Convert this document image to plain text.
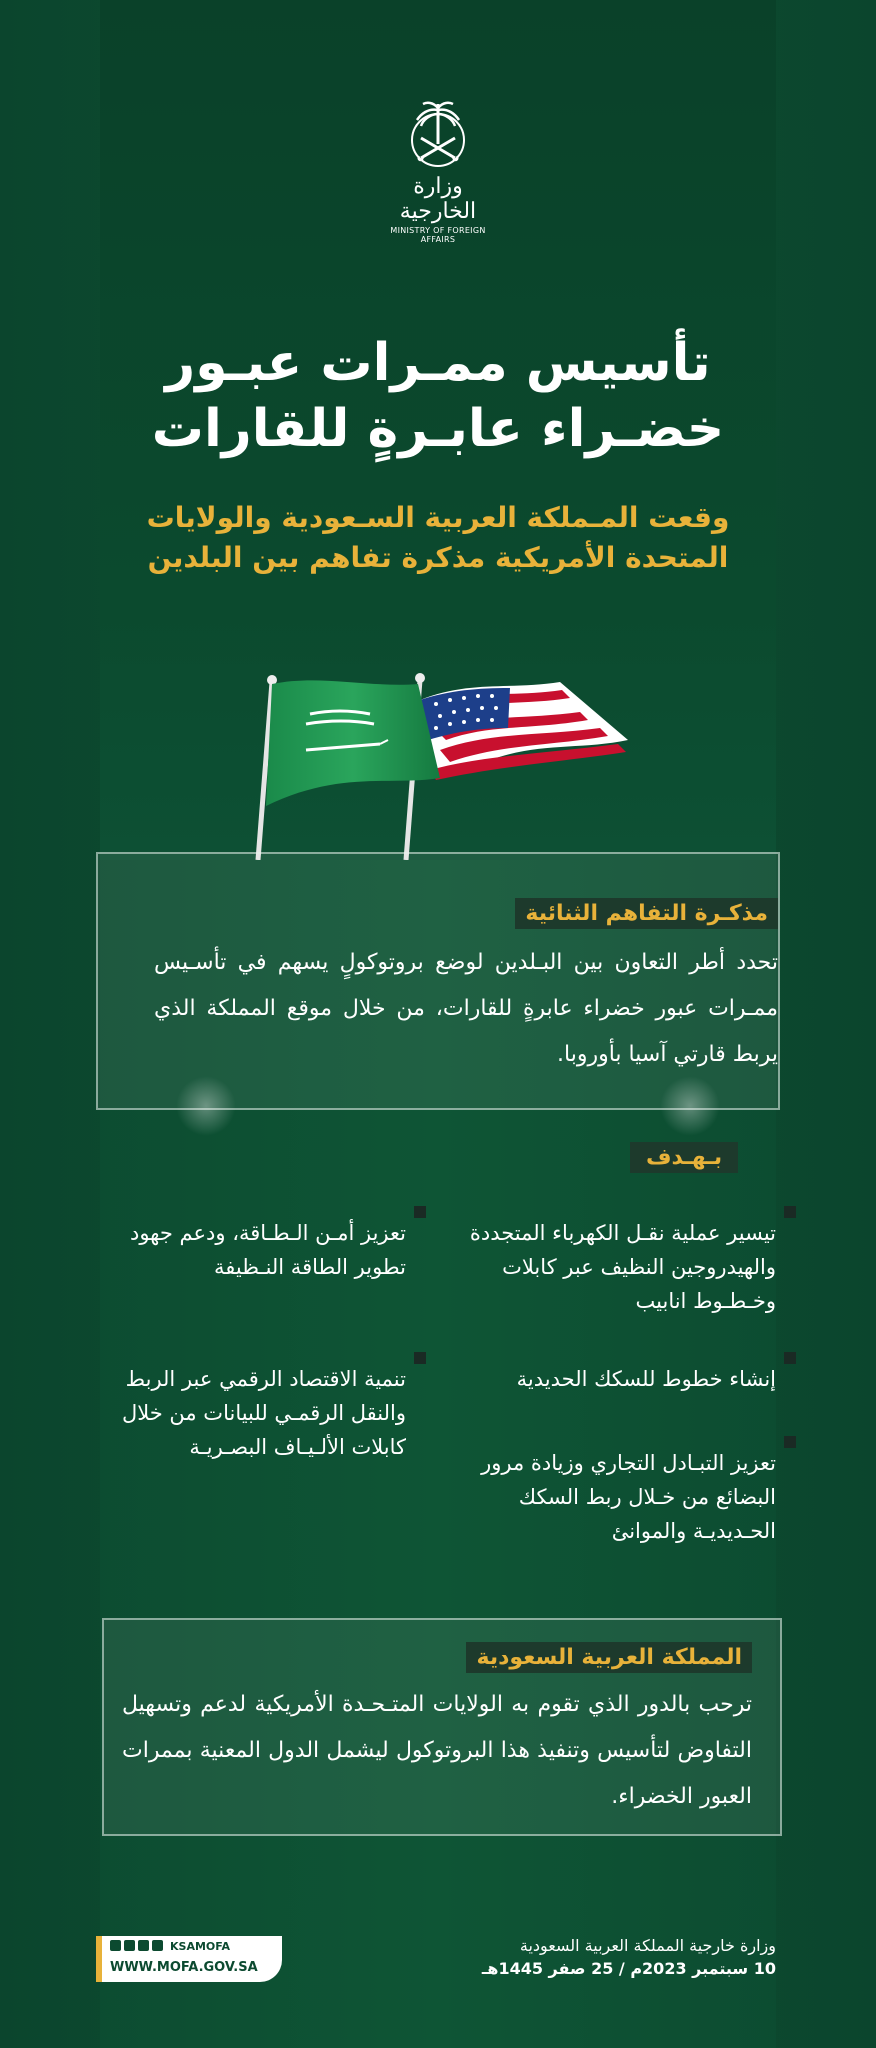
وزارة الخارجية
MINISTRY OF FOREIGN AFFAIRS
تأسيس ممـرات عبـور
خضـراء عابـرةٍ للقارات
وقعت المـملكة العربية السـعودية والولايات
المتحدة الأمريكية مذكرة تفاهم بين البلدين
مذكـرة التفاهم الثنائية
تحدد أطر التعاون بين البـلدين لوضع بروتوكولٍ يسهم في تأسـيس ممـرات عبور خضراء عابرةٍ للقارات، من خلال موقع المملكة الذي يربط قارتي آسيا بأوروبا.
بـهـدف
تيسير عملية نقـل الكهرباء المتجددة والهيدروجين النظيف عبر كابلات وخـطـوط انابيب
تعزيز أمـن الـطـاقة، ودعم جهود تطوير الطاقة النـظيفة
إنشاء خطوط للسكك الحديدية
تنمية الاقتصاد الرقمي عبر الربط والنقل الرقمـي للبيانات من خلال كابلات الألـيـاف البصـريـة
تعزيز التبـادل التجاري وزيادة مرور البضائع من خـلال ربط السكك الحـديديـة والموانئ
المملكة العربية السعودية
ترحب بالدور الذي تقوم به الولايات المتـحـدة الأمريكية لدعم وتسهيل التفاوض لتأسيس وتنفيذ هذا البروتوكول ليشمل الدول المعنية بممرات العبور الخضراء.
KSAMOFA
WWW.MOFA.GOV.SA
وزارة خارجية المملكة العربية السعودية
10 سبتمبر 2023م / 25 صفر 1445هـ
